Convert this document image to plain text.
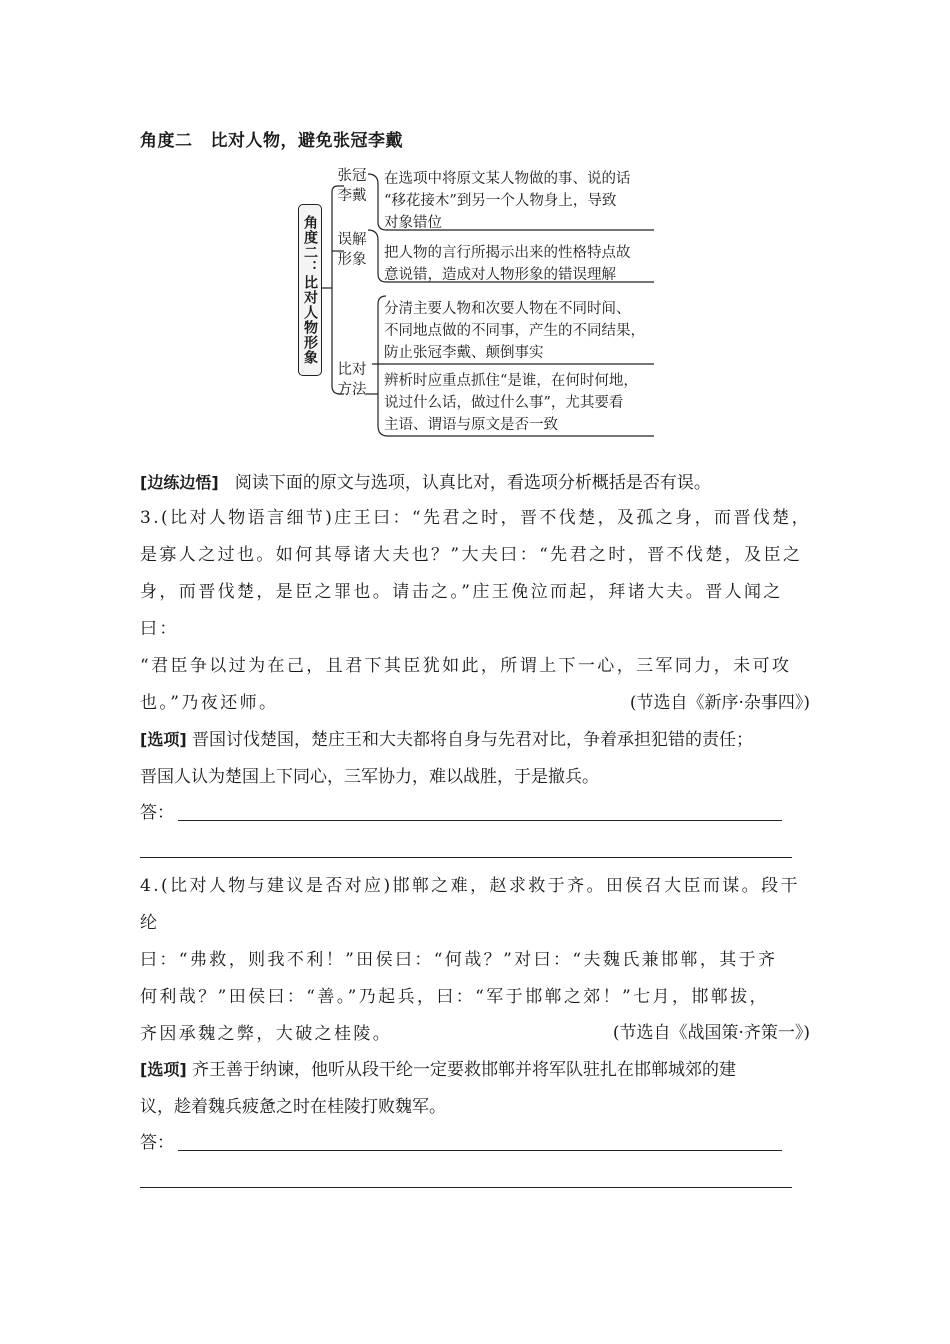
角度二 比对人物，避免张冠李戴
角度二：比对人物形象
张冠
李戴
误解
形象
比对
方法
在选项中将原文某人物做的事、说的话
“移花接木”到另一个人物身上，导致
对象错位
把人物的言行所揭示出来的性格特点故
意说错，造成对人物形象的错误理解
分清主要人物和次要人物在不同时间、
不同地点做的不同事，产生的不同结果，
防止张冠李戴、颠倒事实
辨析时应重点抓住“是谁，在何时何地，
说过什么话，做过什么事”，尤其要看
主语、谓语与原文是否一致
[边练边悟] 阅读下面的原文与选项，认真比对，看选项分析概括是否有误。
3.(比对人物语言细节)庄王曰：“先君之时，晋不伐楚，及孤之身，而晋伐楚，
是寡人之过也。如何其辱诸大夫也？”大夫曰：“先君之时，晋不伐楚，及臣之
身，而晋伐楚，是臣之罪也。请击之。”庄王俛泣而起，拜诸大夫。晋人闻之曰：
“君臣争以过为在己，且君下其臣犹如此，所谓上下一心，三军同力，未可攻
也。”乃夜还师。	(节选自《新序·杂事四》)
[选项] 晋国讨伐楚国，楚庄王和大夫都将自身与先君对比，争着承担犯错的责任；
晋国人认为楚国上下同心，三军协力，难以战胜，于是撤兵。
答：
4.(比对人物与建议是否对应)邯郸之难，赵求救于齐。田侯召大臣而谋。段干纶
曰：“弗救，则我不利！”田侯曰：“何哉？”对曰：“夫魏氏兼邯郸，其于齐
何利哉？”田侯曰：“善。”乃起兵，曰：“军于邯郸之郊！”七月，邯郸拔，
齐因承魏之弊，大破之桂陵。	(节选自《战国策·齐策一》)
[选项] 齐王善于纳谏，他听从段干纶一定要救邯郸并将军队驻扎在邯郸城郊的建
议，趁着魏兵疲惫之时在桂陵打败魏军。
答：
